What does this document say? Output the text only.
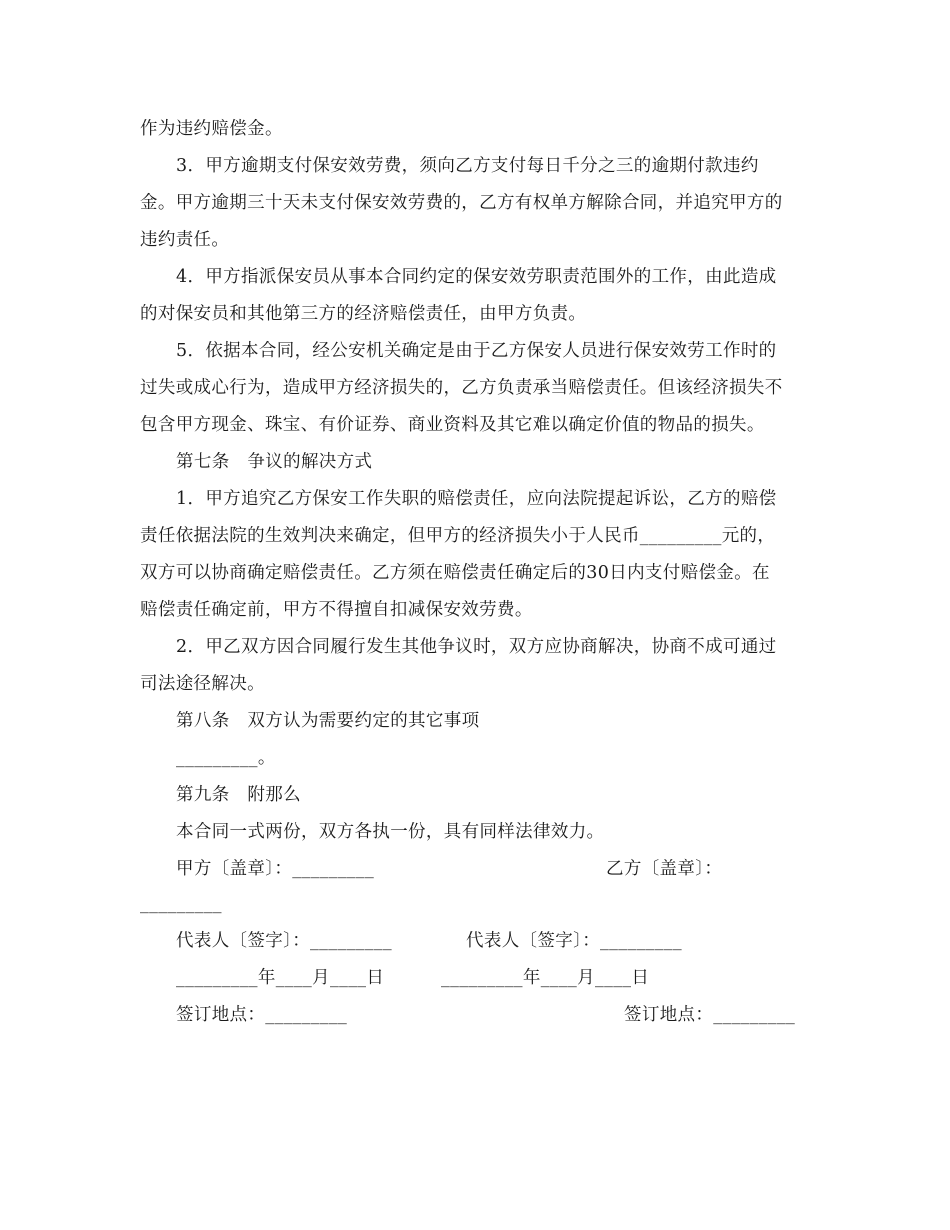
作为违约赔偿金。
3．甲方逾期支付保安效劳费，须向乙方支付每日千分之三的逾期付款违约
金。甲方逾期三十天未支付保安效劳费的，乙方有权单方解除合同，并追究甲方的
违约责任。
4．甲方指派保安员从事本合同约定的保安效劳职责范围外的工作，由此造成
的对保安员和其他第三方的经济赔偿责任，由甲方负责。
5．依据本合同，经公安机关确定是由于乙方保安人员进行保安效劳工作时的
过失或成心行为，造成甲方经济损失的，乙方负责承当赔偿责任。但该经济损失不
包含甲方现金、珠宝、有价证券、商业资料及其它难以确定价值的物品的损失。
第七条　争议的解决方式
1．甲方追究乙方保安工作失职的赔偿责任，应向法院提起诉讼，乙方的赔偿
责任依据法院的生效判决来确定，但甲方的经济损失小于人民币_________元的，
双方可以协商确定赔偿责任。乙方须在赔偿责任确定后的30日内支付赔偿金。在
赔偿责任确定前，甲方不得擅自扣减保安效劳费。
2．甲乙双方因合同履行发生其他争议时，双方应协商解决，协商不成可通过
司法途径解决。
第八条　双方认为需要约定的其它事项
_________。
第九条　附那么
本合同一式两份，双方各执一份，具有同样法律效力。
甲方〔盖章〕：_________	乙方〔盖章〕：
_________
代表人〔签字〕：_________	代表人〔签字〕：_________
_________年____月____日	_________年____月____日
签订地点：_________	签订地点：_________
